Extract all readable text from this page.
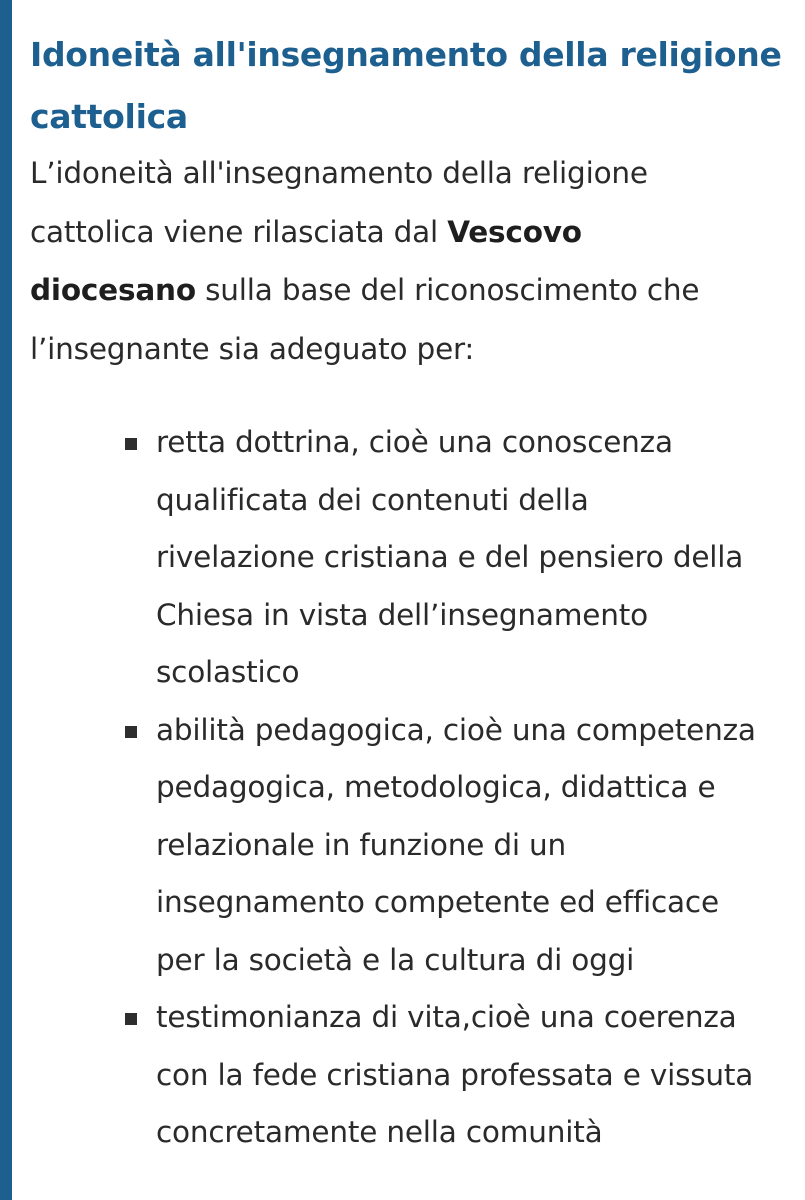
Idoneità all'insegnamento della religione
cattolica

L’idoneità all'insegnamento della religione
cattolica viene rilasciata dal Vescovo
diocesano sulla base del riconoscimento che
l’insegnante sia adeguato per:

retta dottrina, cioè una conoscenza
qualificata dei contenuti della
rivelazione cristiana e del pensiero della
Chiesa in vista dell’insegnamento
scolastico
abilità pedagogica, cioè una competenza
pedagogica, metodologica, didattica e
relazionale in funzione di un
insegnamento competente ed efficace
per la società e la cultura di oggi
testimonianza di vita,cioè una coerenza
con la fede cristiana professata e vissuta
concretamente nella comunità
